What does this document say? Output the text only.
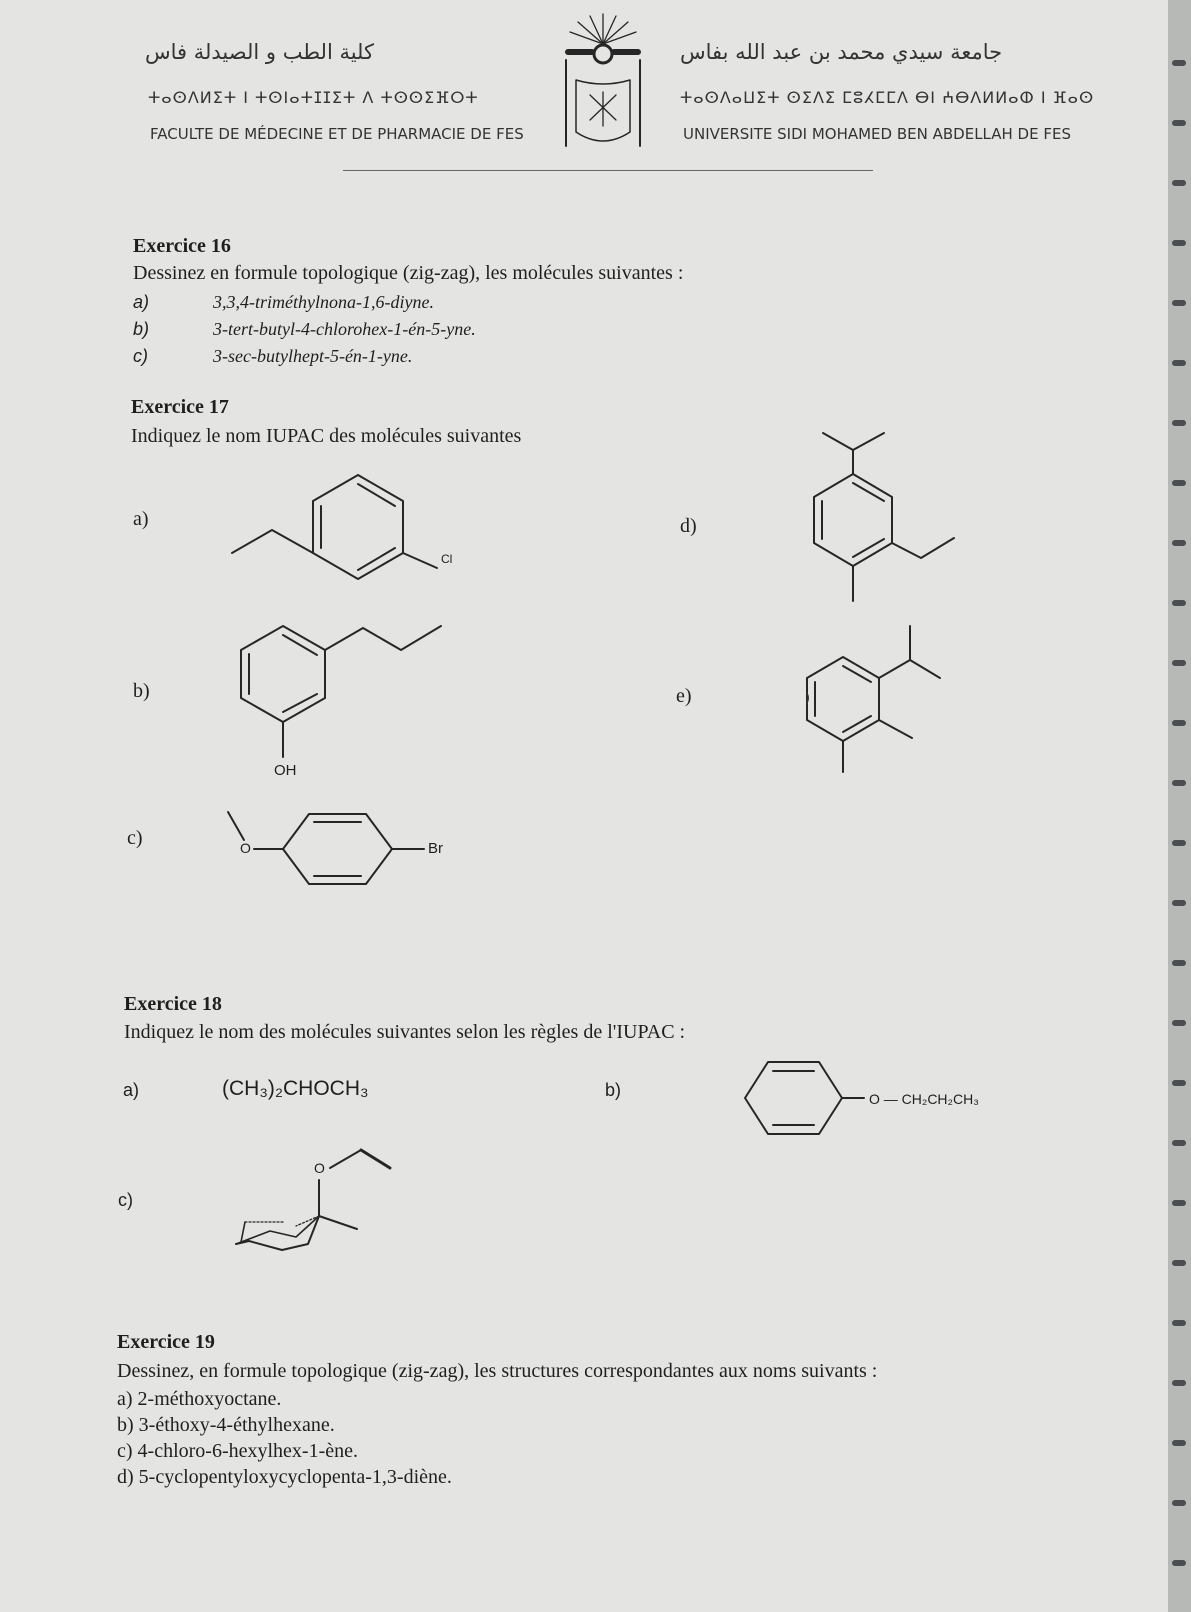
كلية الطب و الصيدلة فاس
ⵜⴰⵙⴷⵍⵉⵜ ⵏ ⵜⵙⵏⴰⵜⵊⵊⵉⵜ ⴷ ⵜⵙⵙⵉⴼⵔⵜ
FACULTE DE MÉDECINE ET DE PHARMACIE DE FES
جامعة سيدي محمد بن عبد الله بفاس
ⵜⴰⵙⴷⴰⵡⵉⵜ ⵙⵉⴷⵉ ⵎⵓⵃⵎⵎⴷ ⴱⵏ ⵄⴱⴷⵍⵍⴰⵀ ⵏ ⴼⴰⵙ
UNIVERSITE SIDI MOHAMED BEN ABDELLAH DE FES
Exercice 16
Dessinez en formule topologique (zig-zag), les molécules suivantes :
a)	3,3,4-triméthylnona-1,6-diyne.
b)	3-tert-butyl-4-chlorohex-1-én-5-yne.
c)	3-sec-butylhept-5-én-1-yne.
Exercice 17
Indiquez le nom IUPAC des molécules suivantes
a)
b)
c)
d)
e)
Cl
OH
O	Br
Exercice 18
Indiquez le nom des molécules suivantes selon les règles de l'IUPAC :
a)	(CH₃)₂CHOCH₃	b)	O — CH₂CH₂CH₃
c)
O
Exercice 19
Dessinez, en formule topologique (zig-zag), les structures correspondantes aux noms suivants :
a) 2-méthoxyoctane.
b) 3-éthoxy-4-éthylhexane.
c) 4-chloro-6-hexylhex-1-ène.
d) 5-cyclopentyloxycyclopenta-1,3-diène.
)
